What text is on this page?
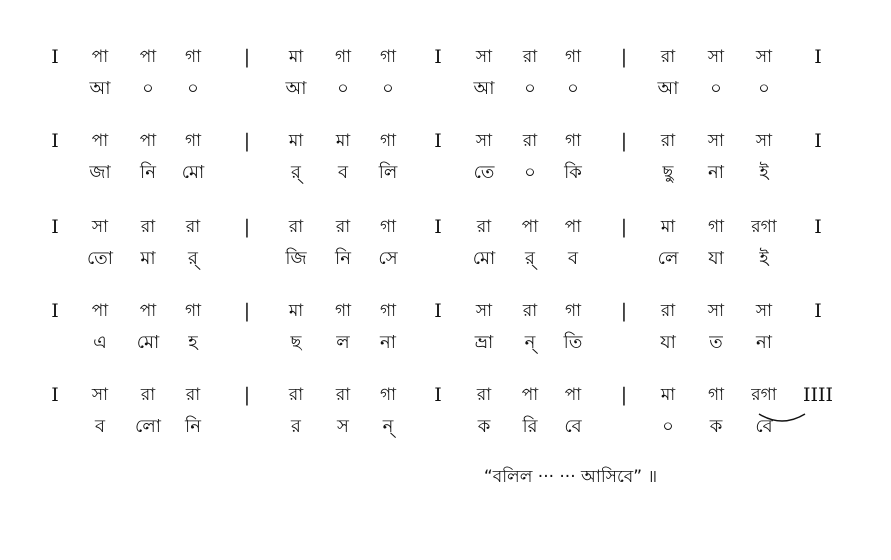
I পা পা গা | মা গা গা I সা রা গা | রা সা সা I
আ ০ ০	আ ০ ০	আ ০ ০	আ ০ ০
I পা পা গা | মা মা গা I সা রা গা | রা সা সা I
জা নি মো	র্ ব লি	তে ০ কি	ছু না ই
I সা রা রা | রা রা গা I রা পা পা | মা গা রগা I
তো মা র্	জি নি সে	মো র্ ব	লে যা ই
I পা পা গা | মা গা গা I সা রা গা | রা সা সা I
এ মো হ	ছ ল না	ভ্রা ন্ তি	যা ত না
I সা রা রা | রা রা গা I রা পা পা | মা গা রগা IIII
ব লো নি	র স ন্	ক রি বে	০ ক বে
“বলিল ··· ··· আসিবে” ॥
